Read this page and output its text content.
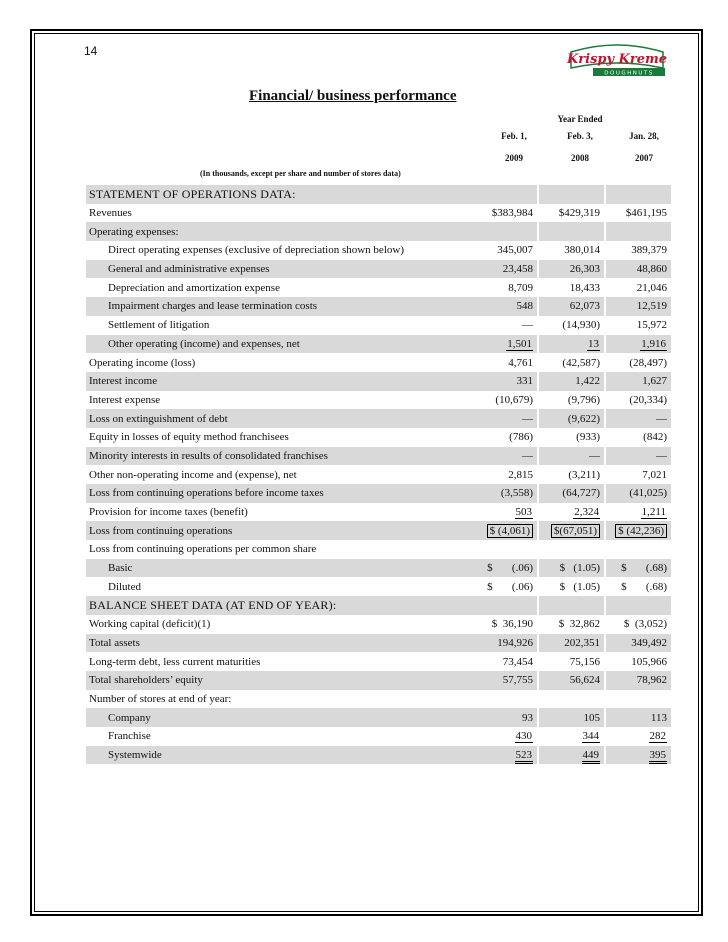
14
Krispy Kreme
DOUGHNUTS
Financial/ business performance
Year Ended
Feb. 1,
2009
Feb. 3,
2008
Jan. 28,
2007
(In thousands, except per share and number of stores data)
STATEMENT OF OPERATIONS DATA:					
Revenues	$383,984		$429,319		$461,195
Operating expenses:					
Direct operating expenses (exclusive of depreciation shown below)	345,007		380,014		389,379
General and administrative expenses	23,458		26,303		48,860
Depreciation and amortization expense	8,709		18,433		21,046
Impairment charges and lease termination costs	548		62,073		12,519
Settlement of litigation	—		(14,930)		15,972
Other operating (income) and expenses, net	1,501		13		1,916
Operating income (loss)	4,761		(42,587)		(28,497)
Interest income	331		1,422		1,627
Interest expense	(10,679)		(9,796)		(20,334)
Loss on extinguishment of debt	—		(9,622)		—
Equity in losses of equity method franchisees	(786)		(933)		(842)
Minority interests in results of consolidated franchises	—		—		—
Other non-operating income and (expense), net	2,815		(3,211)		7,021
Loss from continuing operations before income taxes	(3,558)		(64,727)		(41,025)
Provision for income taxes (benefit)	503		2,324		1,211
Loss from continuing operations	$ (4,061)		$(67,051)		$ (42,236)
Loss from continuing operations per common share					
Basic	$       (.06)		$   (1.05)		$       (.68)
Diluted	$       (.06)		$   (1.05)		$       (.68)
BALANCE SHEET DATA (AT END OF YEAR):					
Working capital (deficit)(1)	$  36,190		$  32,862		$  (3,052)
Total assets	194,926		202,351		349,492
Long-term debt, less current maturities	73,454		75,156		105,966
Total shareholders’ equity	57,755		56,624		78,962
Number of stores at end of year:					
Company	93		105		113
Franchise	430		344		282
Systemwide	523		449		395
